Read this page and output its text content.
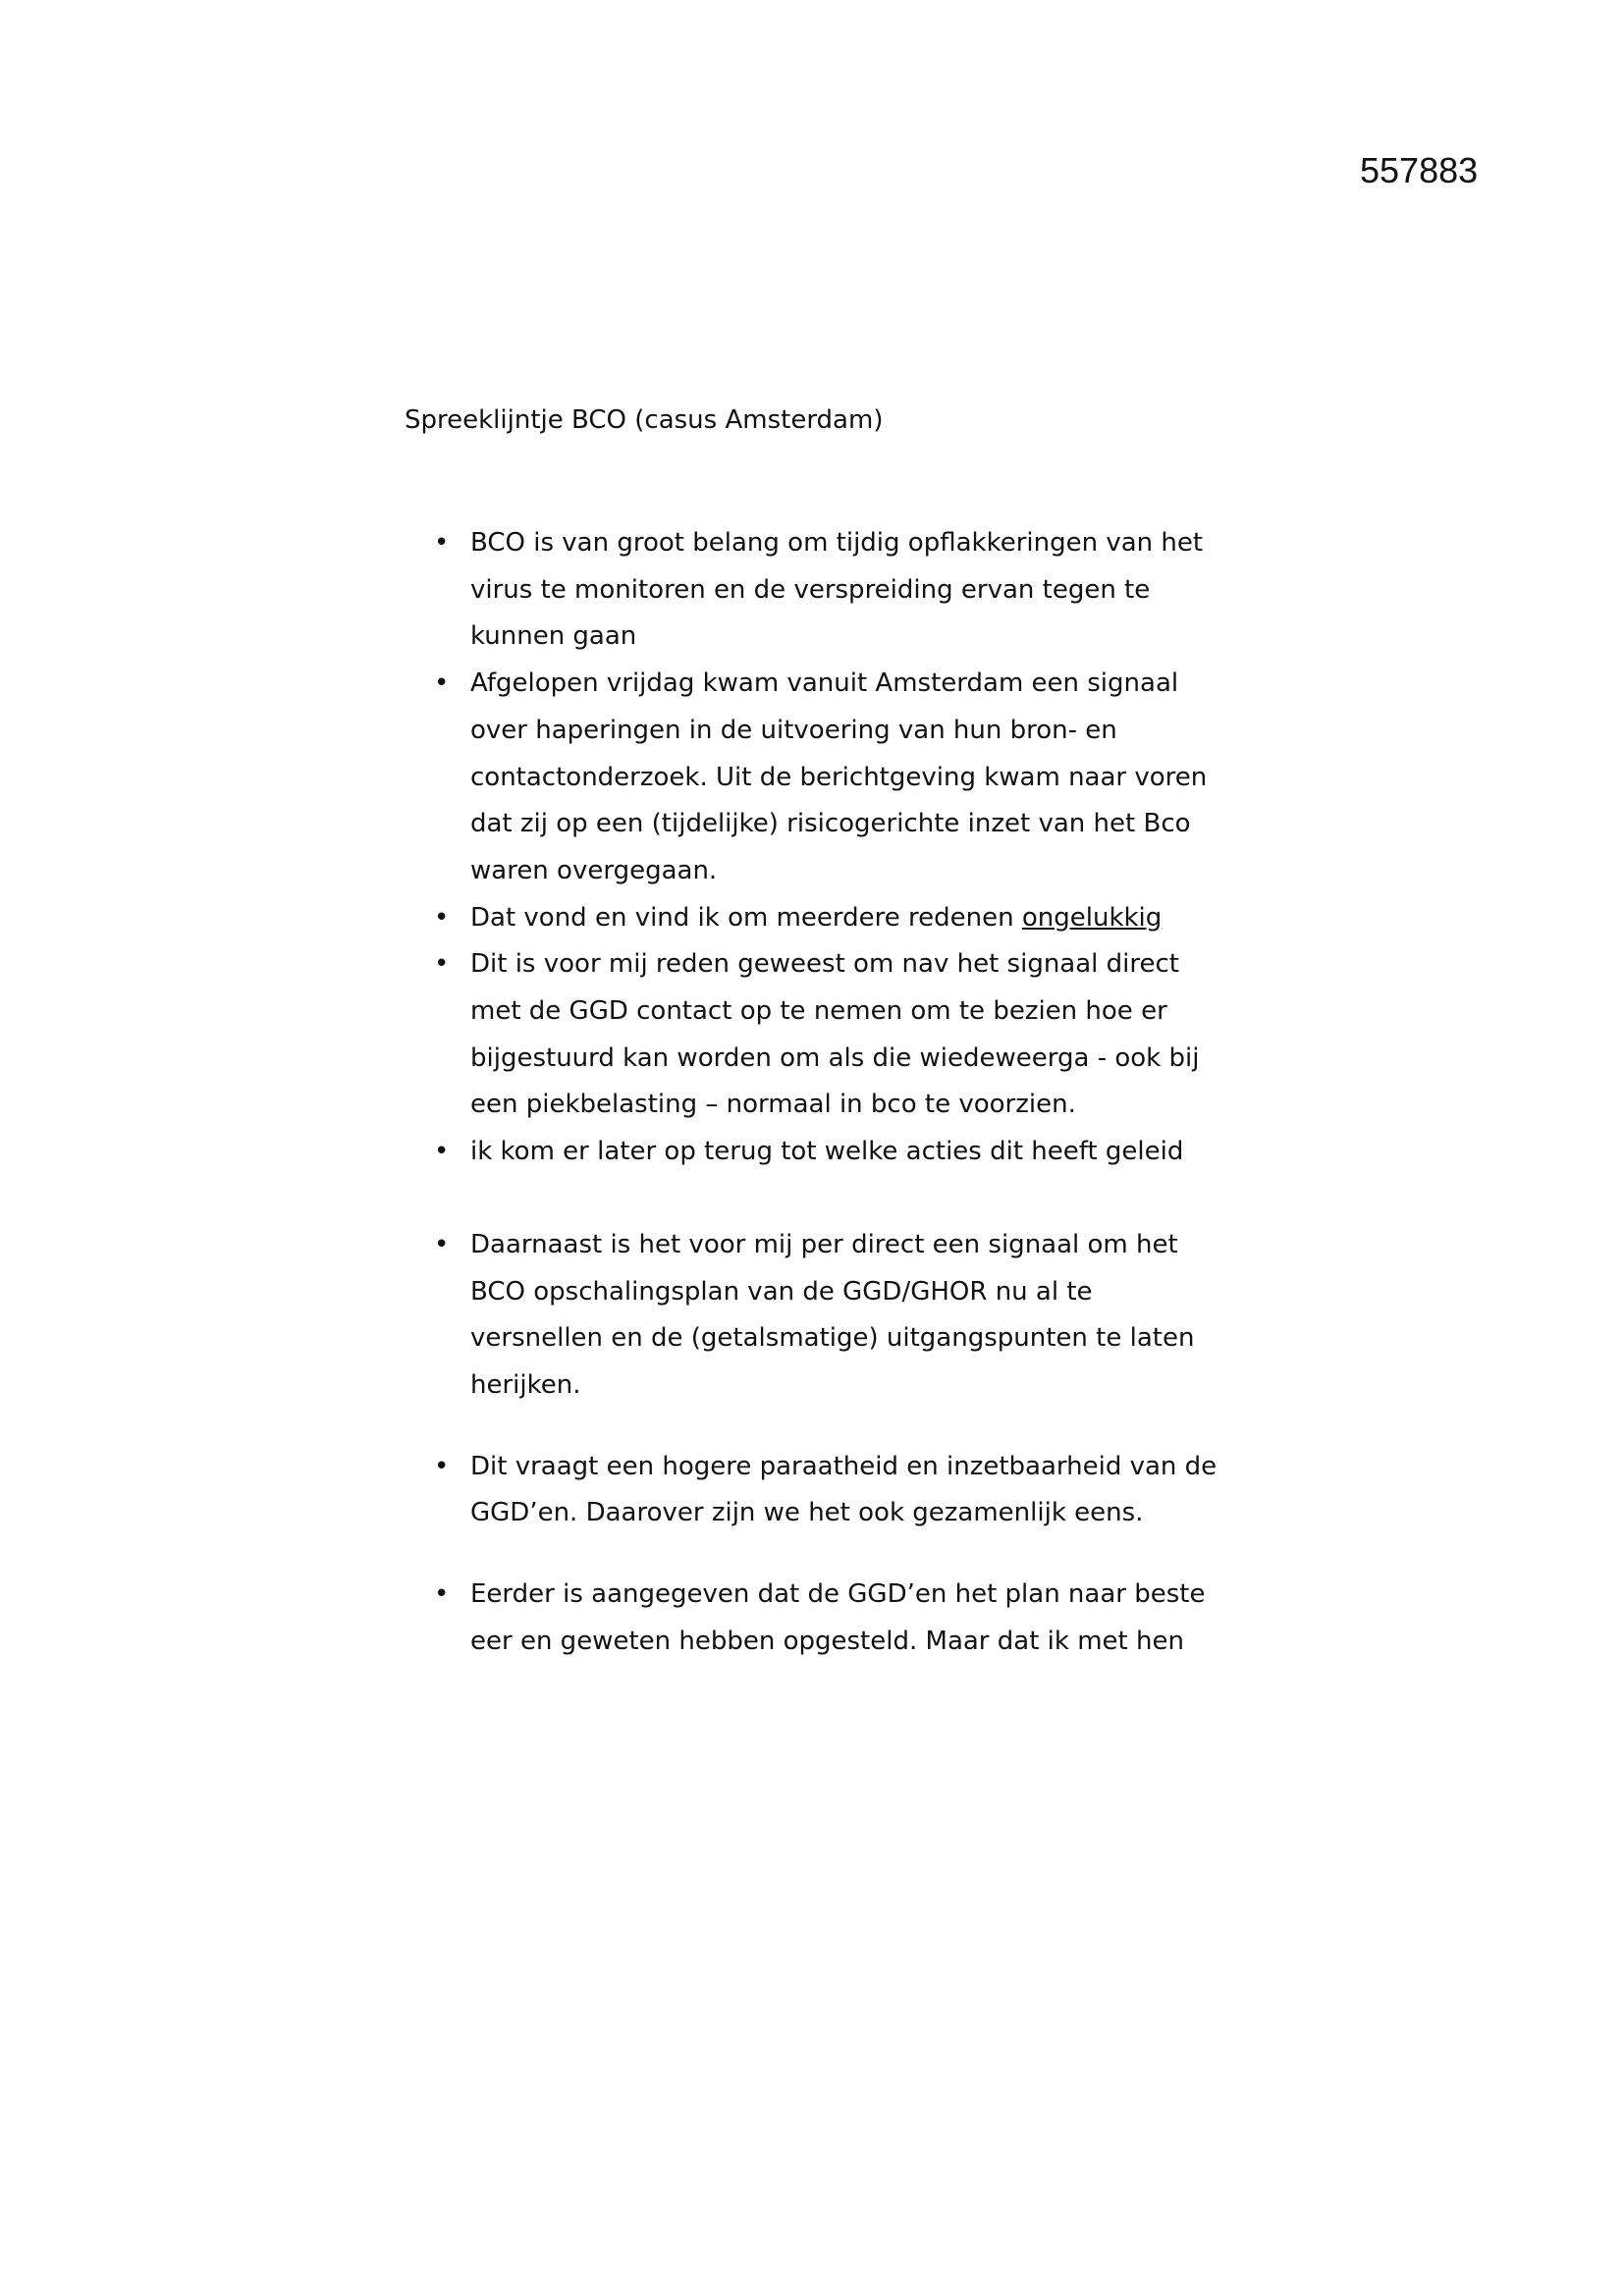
557883
Spreeklijntje BCO (casus Amsterdam)
• BCO is van groot belang om tijdig opflakkeringen van het
virus te monitoren en de verspreiding ervan tegen te
kunnen gaan
• Afgelopen vrijdag kwam vanuit Amsterdam een signaal
over haperingen in de uitvoering van hun bron- en
contactonderzoek. Uit de berichtgeving kwam naar voren
dat zij op een (tijdelijke) risicogerichte inzet van het Bco
waren overgegaan.
• Dat vond en vind ik om meerdere redenen ongelukkig
• Dit is voor mij reden geweest om nav het signaal direct
met de GGD contact op te nemen om te bezien hoe er
bijgestuurd kan worden om als die wiedeweerga - ook bij
een piekbelasting – normaal in bco te voorzien.
• ik kom er later op terug tot welke acties dit heeft geleid
• Daarnaast is het voor mij per direct een signaal om het
BCO opschalingsplan van de GGD/GHOR nu al te
versnellen en de (getalsmatige) uitgangspunten te laten
herijken.
• Dit vraagt een hogere paraatheid en inzetbaarheid van de
GGD’en. Daarover zijn we het ook gezamenlijk eens.
• Eerder is aangegeven dat de GGD’en het plan naar beste
eer en geweten hebben opgesteld. Maar dat ik met hen
